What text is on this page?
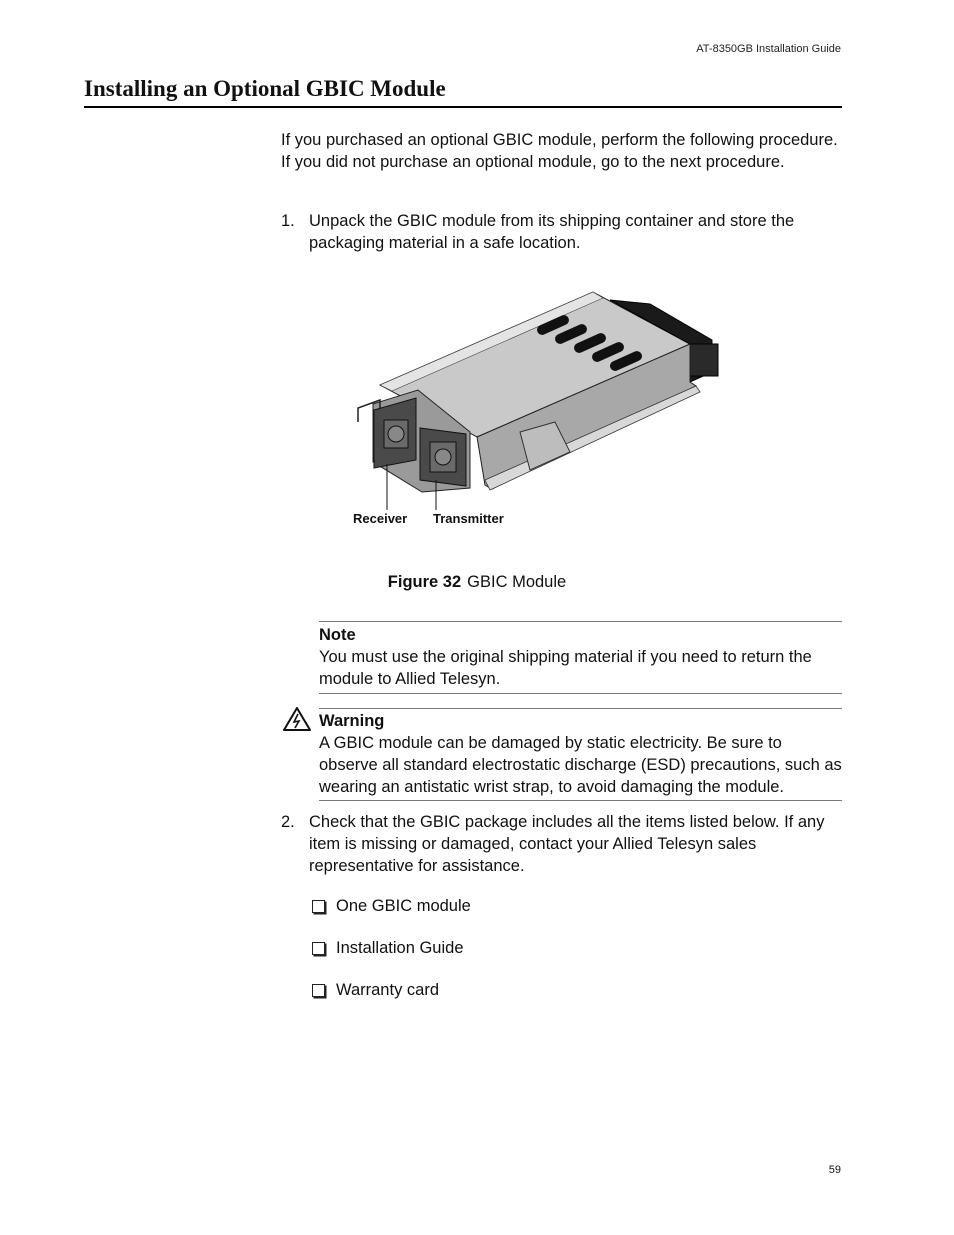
AT-8350GB Installation Guide
Installing an Optional GBIC Module
If you purchased an optional GBIC module, perform the following procedure. If you did not purchase an optional module, go to the next procedure.
1. Unpack the GBIC module from its shipping container and store the packaging material in a safe location.
Receiver Transmitter
Figure 32 GBIC Module
Note
You must use the original shipping material if you need to return the module to Allied Telesyn.
Warning
A GBIC module can be damaged by static electricity. Be sure to observe all standard electrostatic discharge (ESD) precautions, such as wearing an antistatic wrist strap, to avoid damaging the module.
2. Check that the GBIC package includes all the items listed below. If any item is missing or damaged, contact your Allied Telesyn sales representative for assistance.
One GBIC module
Installation Guide
Warranty card
59
